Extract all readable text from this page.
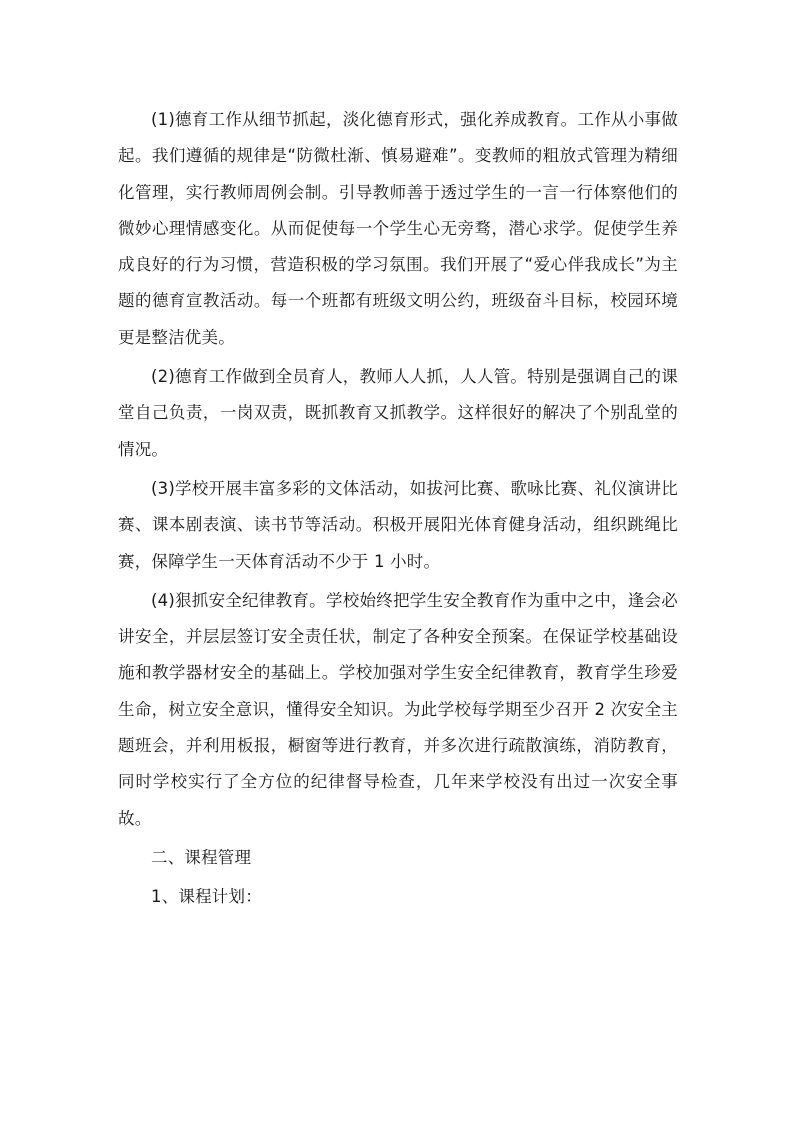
(1)德育工作从细节抓起，淡化德育形式，强化养成教育。工作从小事做起。我们遵循的规律是“防微杜渐、慎易避难”。变教师的粗放式管理为精细化管理，实行教师周例会制。引导教师善于透过学生的一言一行体察他们的微妙心理情感变化。从而促使每一个学生心无旁骛，潜心求学。促使学生养成良好的行为习惯，营造积极的学习氛围。我们开展了“爱心伴我成长”为主题的德育宣教活动。每一个班都有班级文明公约，班级奋斗目标，校园环境更是整洁优美。

(2)德育工作做到全员育人，教师人人抓，人人管。特别是强调自己的课堂自己负责，一岗双责，既抓教育又抓教学。这样很好的解决了个别乱堂的情况。

(3)学校开展丰富多彩的文体活动，如拔河比赛、歌咏比赛、礼仪演讲比赛、课本剧表演、读书节等活动。积极开展阳光体育健身活动，组织跳绳比赛，保障学生一天体育活动不少于 1 小时。

(4)狠抓安全纪律教育。学校始终把学生安全教育作为重中之中，逢会必讲安全，并层层签订安全责任状，制定了各种安全预案。在保证学校基础设施和教学器材安全的基础上。学校加强对学生安全纪律教育，教育学生珍爱生命，树立安全意识，懂得安全知识。为此学校每学期至少召开 2 次安全主题班会，并利用板报，橱窗等进行教育，并多次进行疏散演练，消防教育，同时学校实行了全方位的纪律督导检查，几年来学校没有出过一次安全事故。

二、课程管理

1、课程计划：
